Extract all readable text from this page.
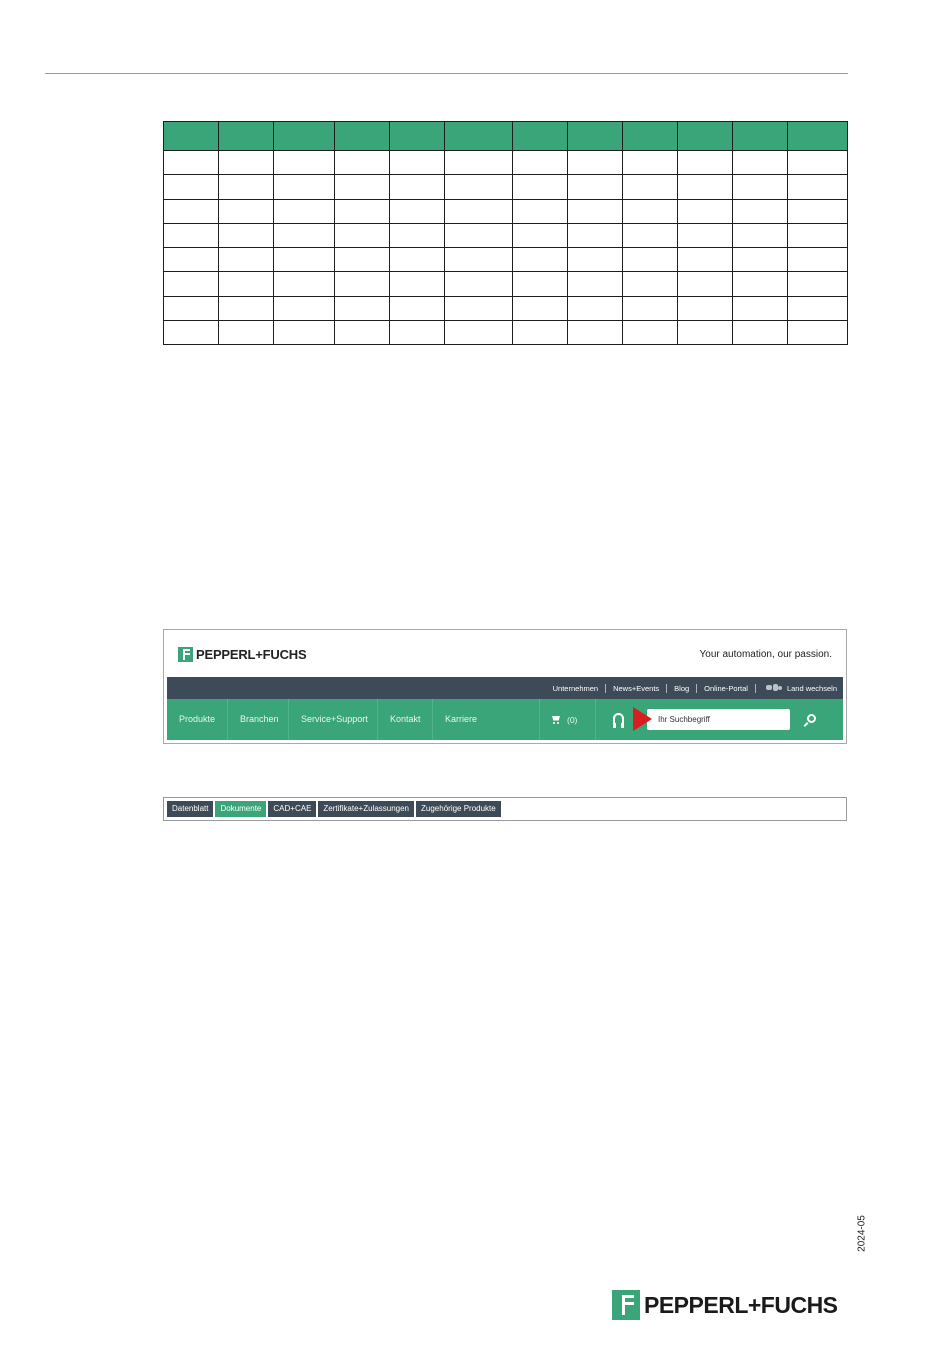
PEPPERL+FUCHS	Your automation, our passion.
Unternehmen News+Events Blog Online-Portal	Land wechseln
Produkte	Branchen	Service+Support	Kontakt	Karriere	(0)
Ihr Suchbegriff
Datenblatt	Dokumente	CAD+CAE	Zertifikate+Zulassungen	Zugehörige Produkte
2024-05
PEPPERL+FUCHS
